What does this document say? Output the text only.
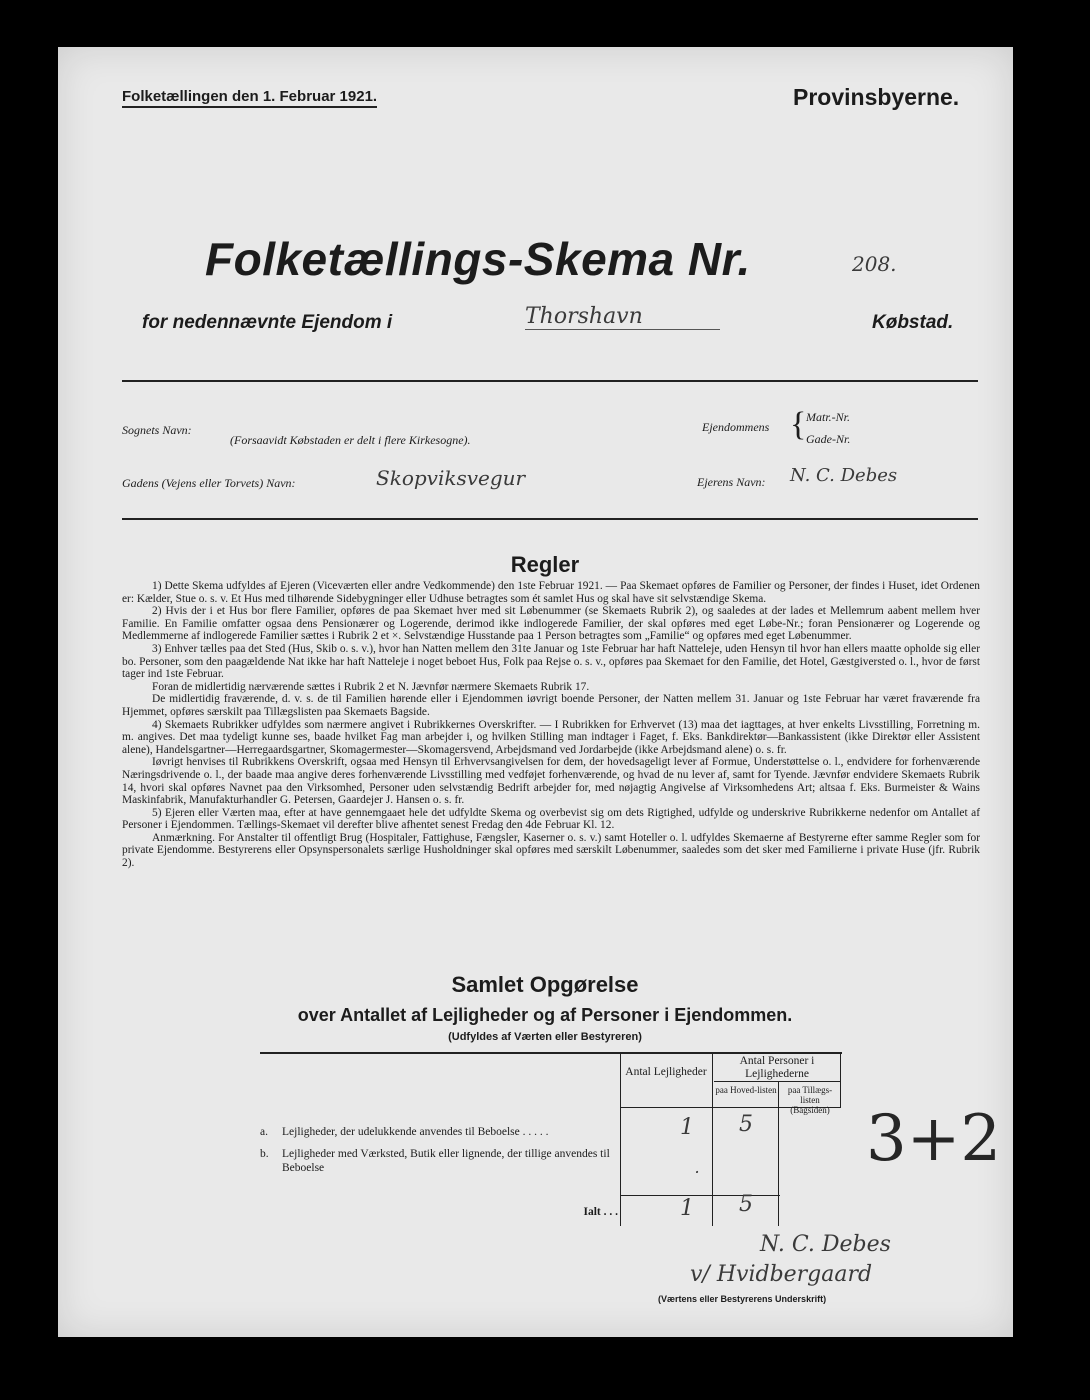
Folketællingen den 1. Februar 1921.	Provinsbyerne.
Folketællings-Skema Nr.	208.
for nedennævnte Ejendom i	Thorshavn	Købstad.
Sognets Navn:
(Forsaavidt Købstaden er delt i flere Kirkesogne).
Ejendommens { Matr.-Nr.
Gade-Nr.
Gadens (Vejens eller Torvets) Navn:	Skopviksvegur	Ejerens Navn: N. C. Debes
Regler

1) Dette Skema udfyldes af Ejeren (Viceværten eller andre Vedkommende) den 1ste Februar 1921. — Paa Skemaet opføres de Familier og Personer, der findes i Huset, idet Ordenen er: Kælder, Stue o. s. v. Et Hus med tilhørende Sidebygninger eller Udhuse betragtes som ét samlet Hus og skal have sit selvstændige Skema.

2) Hvis der i et Hus bor flere Familier, opføres de paa Skemaet hver med sit Løbenummer (se Skemaets Rubrik 2), og saaledes at der lades et Mellemrum aabent mellem hver Familie. En Familie omfatter ogsaa dens Pensionærer og Logerende, derimod ikke indlogerede Familier, der skal opføres med eget Løbe-Nr.; foran Pensionærer og Logerende og Medlemmerne af indlogerede Familier sættes i Rubrik 2 et ×. Selvstændige Husstande paa 1 Person betragtes som „Familie“ og opføres med eget Løbenummer.

3) Enhver tælles paa det Sted (Hus, Skib o. s. v.), hvor han Natten mellem den 31te Januar og 1ste Februar har haft Natteleje, uden Hensyn til hvor han ellers maatte opholde sig eller bo. Personer, som den paagældende Nat ikke har haft Natteleje i noget beboet Hus, Folk paa Rejse o. s. v., opføres paa Skemaet for den Familie, det Hotel, Gæstgiversted o. l., hvor de først tager ind 1ste Februar.

Foran de midlertidig nærværende sættes i Rubrik 2 et N. Jævnfør nærmere Skemaets Rubrik 17.

De midlertidig fraværende, d. v. s. de til Familien hørende eller i Ejendommen iøvrigt boende Personer, der Natten mellem 31. Januar og 1ste Februar har været fraværende fra Hjemmet, opføres særskilt paa Tillægslisten paa Skemaets Bagside.

4) Skemaets Rubrikker udfyldes som nærmere angivet i Rubrikkernes Overskrifter. — I Rubrikken for Erhvervet (13) maa det iagttages, at hver enkelts Livsstilling, Forretning m. m. angives. Det maa tydeligt kunne ses, baade hvilket Fag man arbejder i, og hvilken Stilling man indtager i Faget, f. Eks. Bankdirektør—Bankassistent (ikke Direktør eller Assistent alene), Handelsgartner—Herregaardsgartner, Skomagermester—Skomagersvend, Arbejdsmand ved Jordarbejde (ikke Arbejdsmand alene) o. s. fr.

Iøvrigt henvises til Rubrikkens Overskrift, ogsaa med Hensyn til Erhvervsangivelsen for dem, der hovedsageligt lever af Formue, Understøttelse o. l., endvidere for forhenværende Næringsdrivende o. l., der baade maa angive deres forhenværende Livsstilling med vedføjet forhenværende, og hvad de nu lever af, samt for Tyende. Jævnfør endvidere Skemaets Rubrik 14, hvori skal opføres Navnet paa den Virksomhed, Personer uden selvstændig Bedrift arbejder for, med nøjagtig Angivelse af Virksomhedens Art; altsaa f. Eks. Burmeister & Wains Maskinfabrik, Manufakturhandler G. Petersen, Gaardejer J. Hansen o. s. fr.

5) Ejeren eller Værten maa, efter at have gennemgaaet hele det udfyldte Skema og overbevist sig om dets Rigtighed, udfylde og underskrive Rubrikkerne nedenfor om Antallet af Personer i Ejendommen. Tællings-Skemaet vil derefter blive afhentet senest Fredag den 4de Februar Kl. 12.

Anmærkning. For Anstalter til offentligt Brug (Hospitaler, Fattighuse, Fængsler, Kaserner o. s. v.) samt Hoteller o. l. udfyldes Skemaerne af Bestyrerne efter samme Regler som for private Ejendomme. Bestyrerens eller Opsynspersonalets særlige Husholdninger skal opføres med særskilt Løbenummer, saaledes som det sker med Familierne i private Huse (jfr. Rubrik 2).

Samlet Opgørelse
over Antallet af Lejligheder og af Personer i Ejendommen.
(Udfyldes af Værten eller Bestyreren)
Antal Lejligheder
Antal Personer i Lejlighederne
paa Hoved-listen	paa Tillægs-listen (Bagsiden)
a.	Lejligheder, der udelukkende anvendes til Beboelse . . . . .	1	5
b.	Lejligheder med Værksted, Butik eller lignende, der tillige anvendes til Beboelse	.
Ialt . . .	1	5
3+2
N. C. Debes
v/ Hvidbergaard
(Værtens eller Bestyrerens Underskrift)
